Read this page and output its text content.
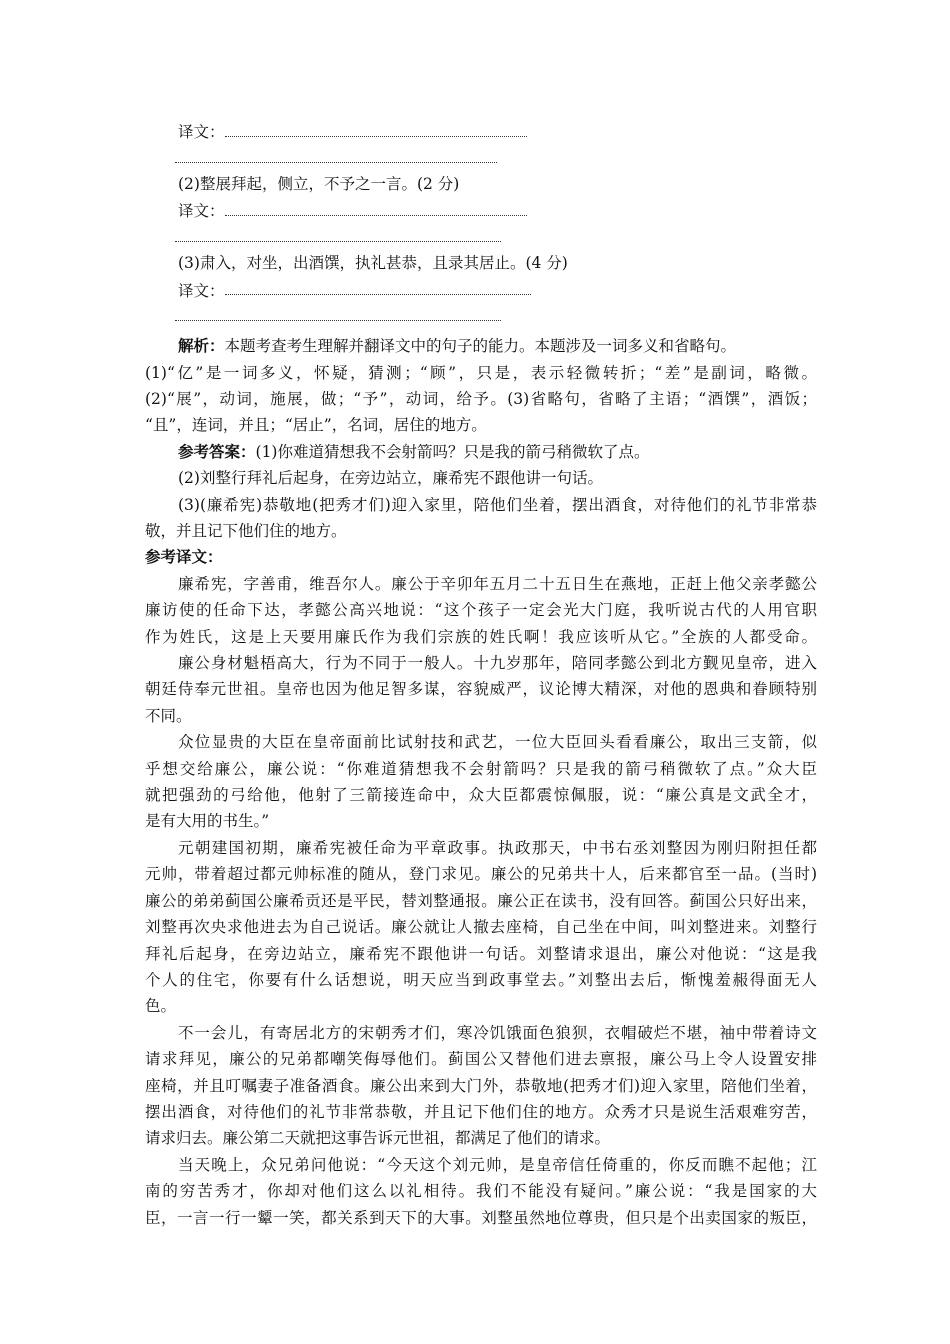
译文：
(2)整展拜起，侧立，不予之一言。(2 分)
译文：
(3)肃入，对坐，出酒馔，执礼甚恭，且录其居止。(4 分)
译文：
解析：本题考查考生理解并翻译文中的句子的能力。本题涉及一词多义和省略句。
(1)“亿”是一词多义，怀疑，猜测；“顾”，只是，表示轻微转折；“差”是副词，略微。
(2)“展”，动词，施展，做；“予”，动词，给予。(3)省略句，省略了主语；“酒馔”，酒饭；
“且”，连词，并且；“居止”，名词，居住的地方。
参考答案：(1)你难道猜想我不会射箭吗？只是我的箭弓稍微软了点。
(2)刘整行拜礼后起身，在旁边站立，廉希宪不跟他讲一句话。
(3)(廉希宪)恭敬地(把秀才们)迎入家里，陪他们坐着，摆出酒食，对待他们的礼节非常恭
敬，并且记下他们住的地方。
参考译文：
廉希宪，字善甫，维吾尔人。廉公于辛卯年五月二十五日生在燕地，正赶上他父亲孝懿公
廉访使的任命下达，孝懿公高兴地说：“这个孩子一定会光大门庭，我听说古代的人用官职
作为姓氏，这是上天要用廉氏作为我们宗族的姓氏啊！我应该听从它。”全族的人都受命。
廉公身材魁梧高大，行为不同于一般人。十九岁那年，陪同孝懿公到北方觐见皇帝，进入
朝廷侍奉元世祖。皇帝也因为他足智多谋，容貌威严，议论博大精深，对他的恩典和眷顾特别
不同。
众位显贵的大臣在皇帝面前比试射技和武艺，一位大臣回头看看廉公，取出三支箭，似
乎想交给廉公，廉公说：“你难道猜想我不会射箭吗？只是我的箭弓稍微软了点。”众大臣
就把强劲的弓给他，他射了三箭接连命中，众大臣都震惊佩服，说：“廉公真是文武全才，
是有大用的书生。”
元朝建国初期，廉希宪被任命为平章政事。执政那天，中书右丞刘整因为刚归附担任都
元帅，带着超过都元帅标准的随从，登门求见。廉公的兄弟共十人，后来都官至一品。(当时)
廉公的弟弟蓟国公廉希贡还是平民，替刘整通报。廉公正在读书，没有回答。蓟国公只好出来，
刘整再次央求他进去为自己说话。廉公就让人撤去座椅，自己坐在中间，叫刘整进来。刘整行
拜礼后起身，在旁边站立，廉希宪不跟他讲一句话。刘整请求退出，廉公对他说：“这是我
个人的住宅，你要有什么话想说，明天应当到政事堂去。”刘整出去后，惭愧羞赧得面无人
色。
不一会儿，有寄居北方的宋朝秀才们，寒冷饥饿面色狼狈，衣帽破烂不堪，袖中带着诗文
请求拜见，廉公的兄弟都嘲笑侮辱他们。蓟国公又替他们进去禀报，廉公马上令人设置安排
座椅，并且叮嘱妻子准备酒食。廉公出来到大门外，恭敬地(把秀才们)迎入家里，陪他们坐着，
摆出酒食，对待他们的礼节非常恭敬，并且记下他们住的地方。众秀才只是说生活艰难穷苦，
请求归去。廉公第二天就把这事告诉元世祖，都满足了他们的请求。
当天晚上，众兄弟问他说：“今天这个刘元帅，是皇帝信任倚重的，你反而瞧不起他；江
南的穷苦秀才，你却对他们这么以礼相待。我们不能没有疑问。”廉公说：“我是国家的大
臣，一言一行一颦一笑，都关系到天下的大事。刘整虽然地位尊贵，但只是个出卖国家的叛臣，
